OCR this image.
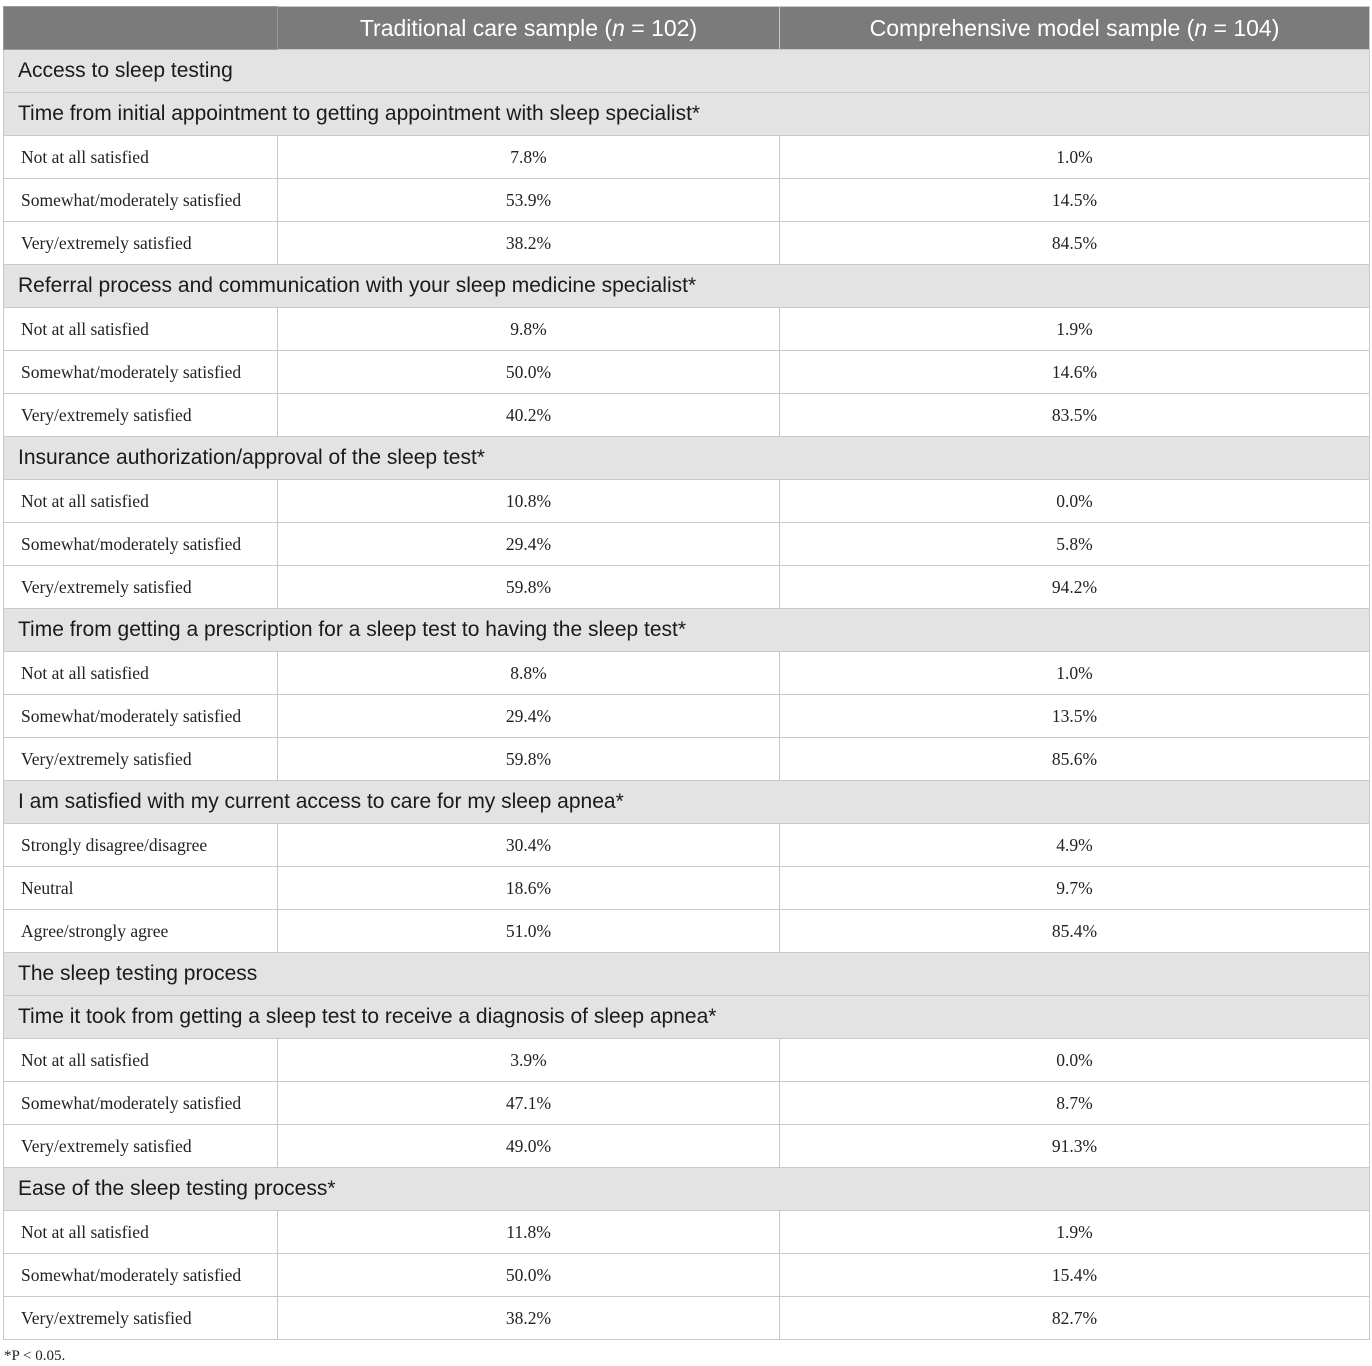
	Traditional care sample (n = 102)	Comprehensive model sample (n = 104)
Access to sleep testing		
Time from initial appointment to getting appointment with sleep specialist*		
Not at all satisfied	7.8%	1.0%
Somewhat/moderately satisfied	53.9%	14.5%
Very/extremely satisfied	38.2%	84.5%
Referral process and communication with your sleep medicine specialist*		
Not at all satisfied	9.8%	1.9%
Somewhat/moderately satisfied	50.0%	14.6%
Very/extremely satisfied	40.2%	83.5%
Insurance authorization/approval of the sleep test*		
Not at all satisfied	10.8%	0.0%
Somewhat/moderately satisfied	29.4%	5.8%
Very/extremely satisfied	59.8%	94.2%
Time from getting a prescription for a sleep test to having the sleep test*		
Not at all satisfied	8.8%	1.0%
Somewhat/moderately satisfied	29.4%	13.5%
Very/extremely satisfied	59.8%	85.6%
I am satisfied with my current access to care for my sleep apnea*		
Strongly disagree/disagree	30.4%	4.9%
Neutral	18.6%	9.7%
Agree/strongly agree	51.0%	85.4%
The sleep testing process		
Time it took from getting a sleep test to receive a diagnosis of sleep apnea*		
Not at all satisfied	3.9%	0.0%
Somewhat/moderately satisfied	47.1%	8.7%
Very/extremely satisfied	49.0%	91.3%
Ease of the sleep testing process*		
Not at all satisfied	11.8%	1.9%
Somewhat/moderately satisfied	50.0%	15.4%
Very/extremely satisfied	38.2%	82.7%
*P < 0.05.
